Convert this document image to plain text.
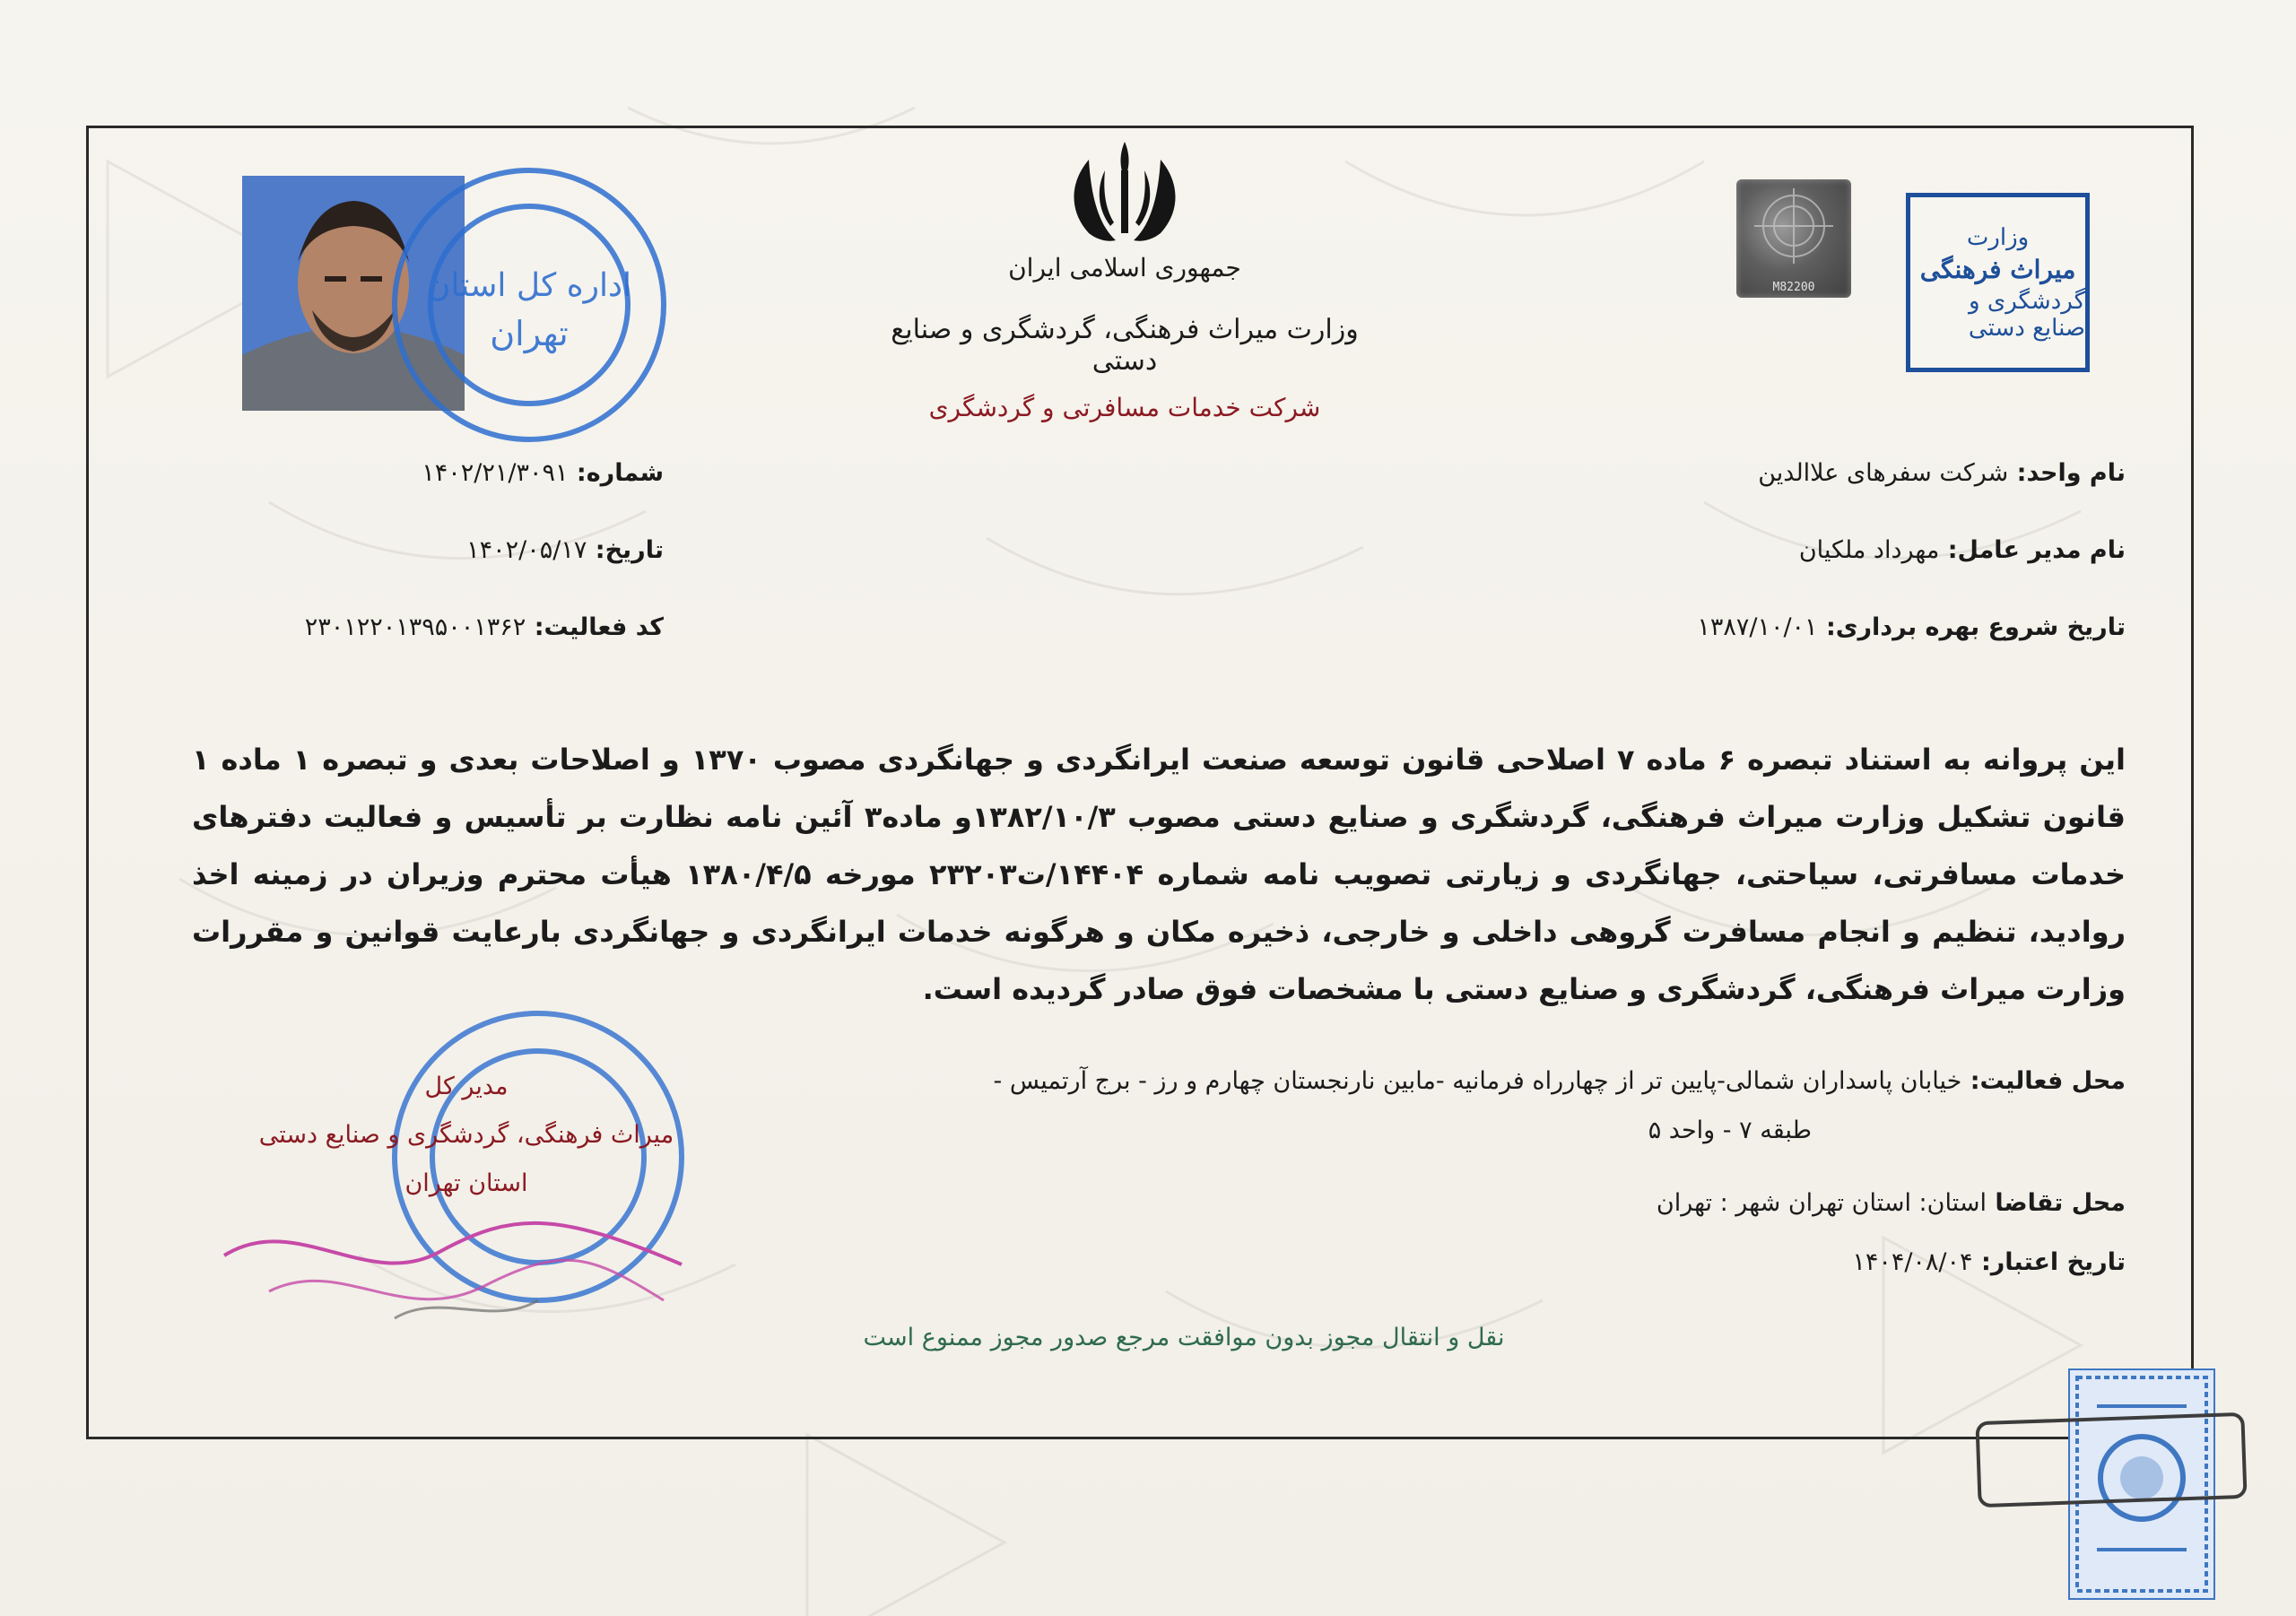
جمهوری اسلامی ایران
وزارت میراث فرهنگی، گردشگری و صنایع دستی
شرکت خدمات مسافرتی و گردشگری
وزارت
میراث فرهنگی
گردشگری و صنایع دستی
M82200
اداره کل استان
تهران
نام واحد: شرکت سفرهای علاالدین
نام مدیر عامل: مهرداد ملکیان
تاریخ شروع بهره برداری: ۱۳۸۷/۱۰/۰۱
شماره: ۱۴۰۲/۲۱/۳۰۹۱
تاریخ: ۱۴۰۲/۰۵/۱۷
کد فعالیت: ۲۳۰۱۲۲۰۱۳۹۵۰۰۱۳۶۲
این پروانه به استناد تبصره ۶ ماده ۷ اصلاحی قانون توسعه صنعت ایرانگردی و جهانگردی مصوب ۱۳۷۰ و اصلاحات بعدی و تبصره ۱ ماده ۱ قانون تشکیل وزارت میراث فرهنگی، گردشگری و صنایع دستی مصوب ۱۳۸۲/۱۰/۳و ماده۳ آئین نامه نظارت بر تأسیس و فعالیت دفترهای خدمات مسافرتی، سیاحتی، جهانگردی و زیارتی تصویب نامه شماره ۱۴۴۰۴/ت۲۳۲۰۳ مورخه ۱۳۸۰/۴/۵ هیأت محترم وزیران در زمینه اخذ روادید، تنظیم و انجام مسافرت گروهی داخلی و خارجی، ذخیره مکان و هرگونه خدمات ایرانگردی و جهانگردی بارعایت قوانین و مقررات وزارت میراث فرهنگی، گردشگری و صنایع دستی با مشخصات فوق صادر گردیده است.
محل فعالیت: خیابان پاسداران شمالی-پایین تر از چهارراه فرمانیه -مابین نارنجستان چهارم و رز - برج آرتمیس -
طبقه ۷ - واحد ۵
محل تقاضا استان: استان تهران شهر : تهران
تاریخ اعتبار: ۱۴۰۴/۰۸/۰۴
مدیر کل
میراث فرهنگی، گردشگری و صنایع دستی
استان تهران
نقل و انتقال مجوز بدون موافقت مرجع صدور مجوز ممنوع است
